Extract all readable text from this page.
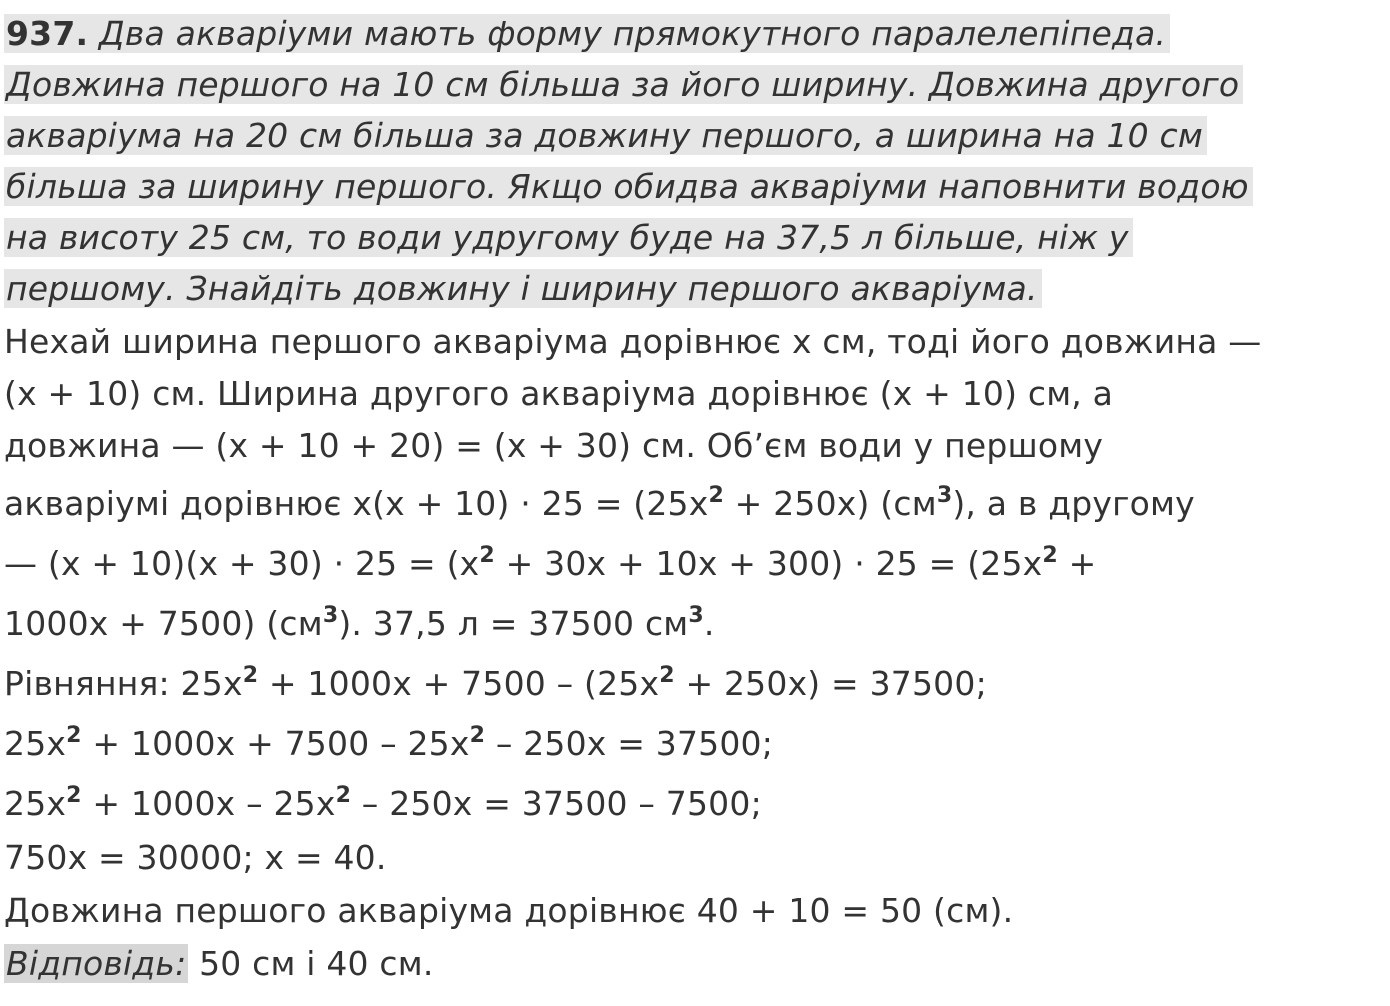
937. Два акваріуми мають форму прямокутного паралелепіпеда.
Довжина першого на 10 см більша за його ширину. Довжина другого
акваріума на 20 см більша за довжину першого, а ширина на 10 см
більша за ширину першого. Якщо обидва акваріуми наповнити водою
на висоту 25 см, то води удругому буде на 37,5 л більше, ніж у
першому. Знайдіть довжину і ширину першого акваріума.
Нехай ширина першого акваріума дорівнює x см, тоді його довжина —
(x + 10) см. Ширина другого акваріума дорівнює (x + 10) см, а
довжина — (x + 10 + 20) = (x + 30) см. Об’єм води у першому
акваріумі дорівнює $x(x + 10) \cdot 25 = (25x^2 + 250x)$ $(см^3)$, а в другому
— $(x + 10)(x + 30) \cdot 25 = (x^2 + 30x + 10x + 300) \cdot 25 = (25x^2$ +
1000x + 7500) $(см^3)$. 37,5 л = 37500 $см^3$.
Рівняння: $25x^2 + 1000x + 7500 - (25x^2 + 250x) = 37500$;
$25x^2 + 1000x + 7500 - 25x^2 - 250x = 37500$;
$25x^2 + 1000x - 25x^2 - 250x = 37500 - 7500$;
750x = 30000; x = 40.
Довжина першого акваріума дорівнює 40 + 10 = 50 (см).
Відповідь: 50 см і 40 см.
